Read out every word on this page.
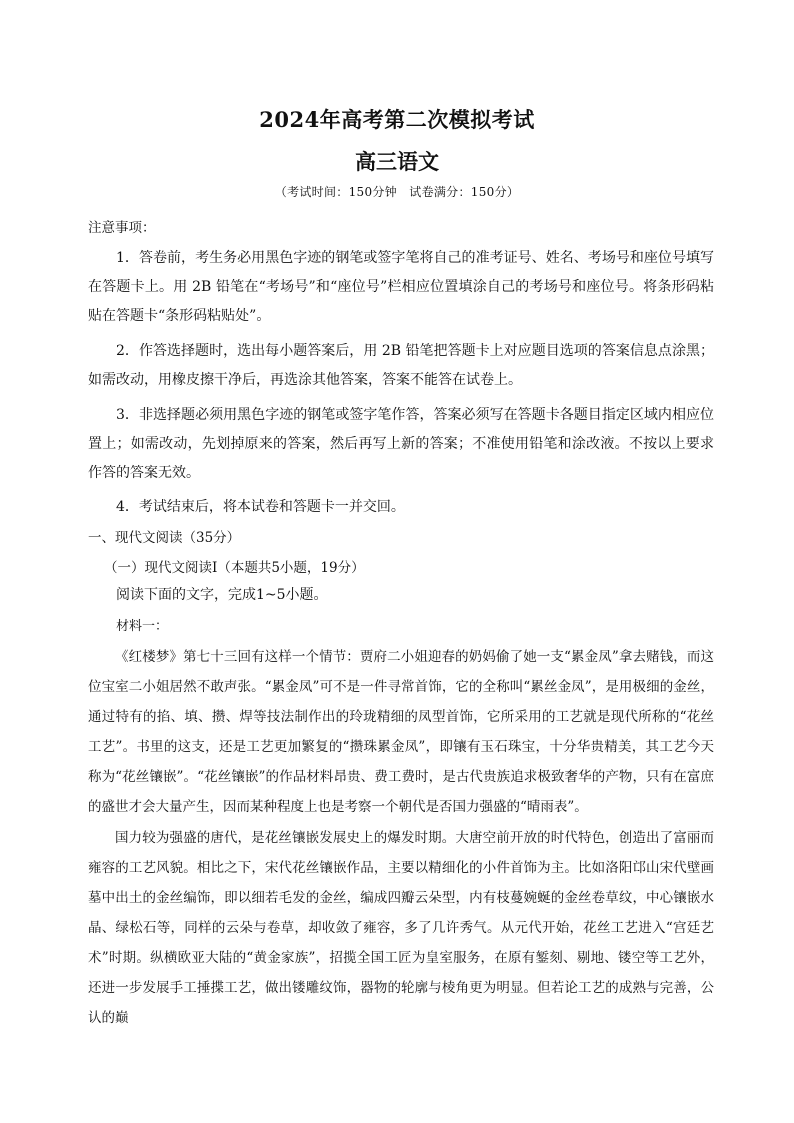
2024年高考第二次模拟考试
高三语文
（考试时间：150分钟　试卷满分：150分）
注意事项：
1．答卷前，考生务必用黑色字迹的钢笔或签字笔将自己的准考证号、姓名、考场号和座位号填写在答题卡上。用 2B 铅笔在“考场号”和“座位号”栏相应位置填涂自己的考场号和座位号。将条形码粘贴在答题卡“条形码粘贴处”。
2．作答选择题时，选出每小题答案后，用 2B 铅笔把答题卡上对应题目选项的答案信息点涂黑；如需改动，用橡皮擦干净后，再选涂其他答案，答案不能答在试卷上。
3．非选择题必须用黑色字迹的钢笔或签字笔作答，答案必须写在答题卡各题目指定区域内相应位置上；如需改动，先划掉原来的答案，然后再写上新的答案；不准使用铅笔和涂改液。不按以上要求作答的答案无效。
4．考试结束后，将本试卷和答题卡一并交回。
一、现代文阅读（35分）
（一）现代文阅读Ⅰ（本题共5小题，19分）
阅读下面的文字，完成1~5小题。
材料一：
《红楼梦》第七十三回有这样一个情节：贾府二小姐迎春的奶妈偷了她一支“累金凤”拿去赌钱，而这位宝室二小姐居然不敢声张。“累金凤”可不是一件寻常首饰，它的全称叫“累丝金凤”，是用极细的金丝，通过特有的掐、填、攒、焊等技法制作出的玲珑精细的凤型首饰，它所采用的工艺就是现代所称的“花丝工艺”。书里的这支，还是工艺更加繁复的“攒珠累金凤”，即镶有玉石珠宝，十分华贵精美，其工艺今天称为“花丝镶嵌”。“花丝镶嵌”的作品材料昂贵、费工费时，是古代贵族追求极致奢华的产物，只有在富庶的盛世才会大量产生，因而某种程度上也是考察一个朝代是否国力强盛的“晴雨表”。
国力较为强盛的唐代，是花丝镶嵌发展史上的爆发时期。大唐空前开放的时代特色，创造出了富丽而雍容的工艺风貌。相比之下，宋代花丝镶嵌作品，主要以精细化的小件首饰为主。比如洛阳邙山宋代壁画墓中出土的金丝编饰，即以细若毛发的金丝，编成四瓣云朵型，内有枝蔓婉蜒的金丝卷草纹，中心镶嵌水晶、绿松石等，同样的云朵与卷草，却收敛了雍容，多了几许秀气。从元代开始，花丝工艺进入“宫廷艺术”时期。纵横欧亚大陆的“黄金家族”，招揽全国工匠为皇室服务，在原有錾刻、剔地、镂空等工艺外，还进一步发展手工捶揲工艺，做出镂雕纹饰，器物的轮廓与棱角更为明显。但若论工艺的成熟与完善，公认的巅
